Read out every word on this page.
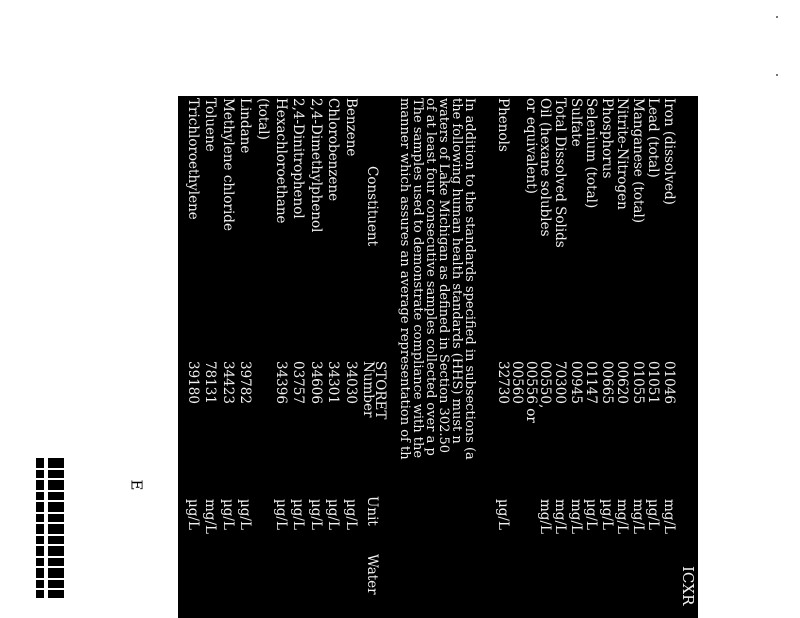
ICXR
Iron (dissolved)
01046
mg/L
Lead (total)
01051
µg/L
Manganese (total)
01055
mg/L
Nitrite-Nitrogen
00620
mg/L
Phosphorus
00665
µg/L
Selenium (total)
01147
µg/L
Sulfate
00945
mg/L
Total Dissolved Solids
70300
mg/L
Oil (hexane solubles
or equivalent)
00550,
00556 or
00560
mg/L
Phenols
32730
µg/L
In addition to the standards specified in subsections (a
the following human health standards (HHS) must n
waters of Lake Michigan as defined in Section 302.50
of at least four consecutive samples collected over a p
The samples used to demonstrate compliance with the
manner which assures an average representation of th
Constituent
STORET
Number
Unit
Water
Benzene
34030
µg/L
Chlorobenzene
34301
µg/L
2,4-Dimethylphenol
34606
µg/L
2,4-Dinitrophenol
03757
µg/L
Hexachloroethane
34396
µg/L
(total)
Lindane
39782
µg/L
Methylene chloride
34423
µg/L
Toluene
78131
mg/L
Trichloroethylene
39180
µg/L
E
